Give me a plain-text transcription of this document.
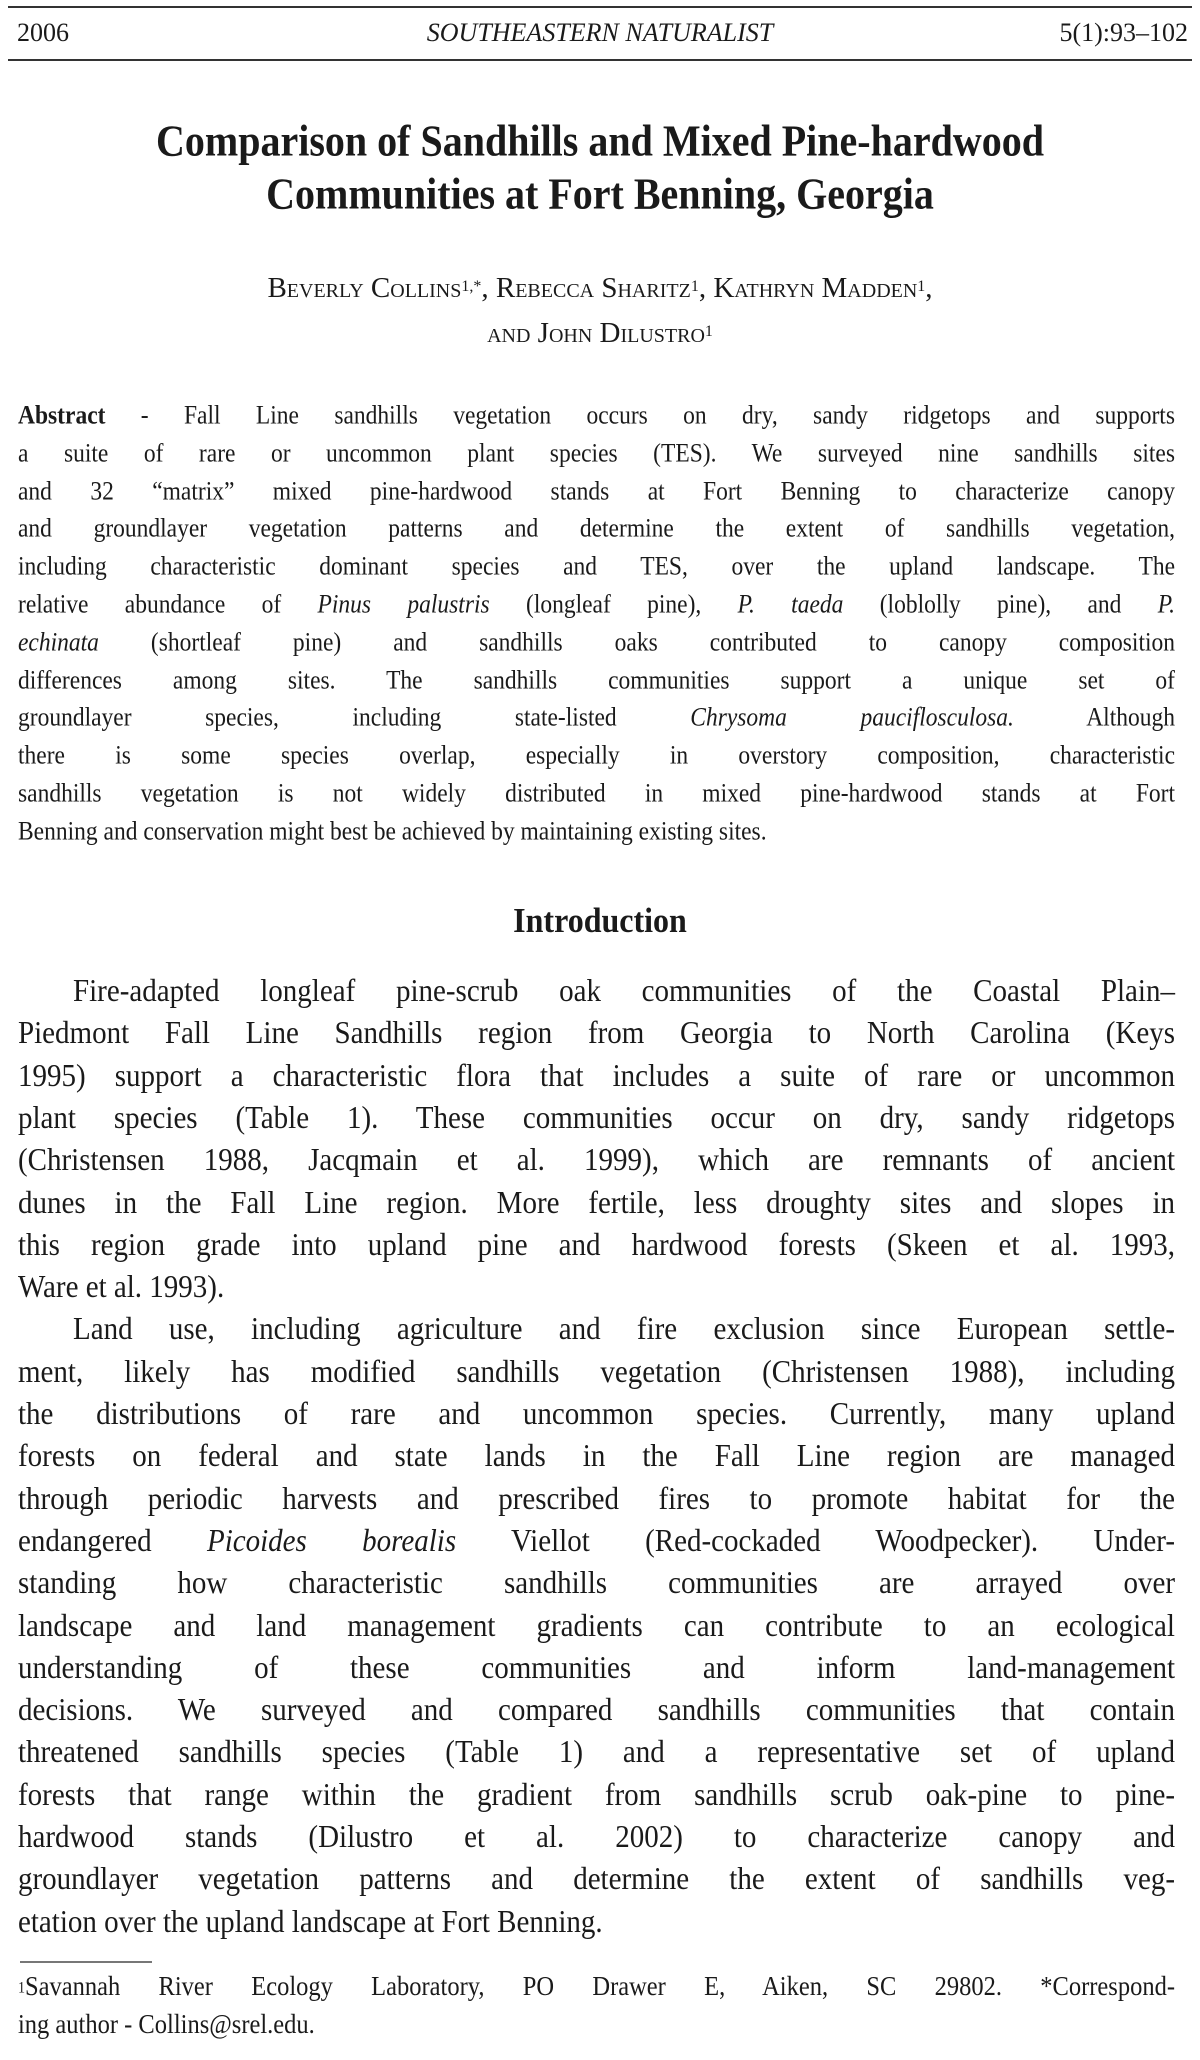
2006	SOUTHEASTERN NATURALIST	5(1):93–102
Comparison of Sandhills and Mixed Pine-hardwood
Communities at Fort Benning, Georgia
Beverly Collins$^{1,*}$, Rebecca Sharitz$^1$, Kathryn Madden$^1$,
and John Dilustro$^1$
Abstract - Fall Line sandhills vegetation occurs on dry, sandy ridgetops and supports
a suite of rare or uncommon plant species (TES). We surveyed nine sandhills sites
and 32 “matrix” mixed pine-hardwood stands at Fort Benning to characterize canopy
and groundlayer vegetation patterns and determine the extent of sandhills vegetation,
including characteristic dominant species and TES, over the upland landscape. The
relative abundance of Pinus palustris (longleaf pine), P. taeda (loblolly pine), and P.
echinata (shortleaf pine) and sandhills oaks contributed to canopy composition
differences among sites. The sandhills communities support a unique set of
groundlayer species, including state-listed Chrysoma pauciflosculosa. Although
there is some species overlap, especially in overstory composition, characteristic
sandhills vegetation is not widely distributed in mixed pine-hardwood stands at Fort
Benning and conservation might best be achieved by maintaining existing sites.
Introduction
Fire-adapted longleaf pine-scrub oak communities of the Coastal Plain–
Piedmont Fall Line Sandhills region from Georgia to North Carolina (Keys
1995) support a characteristic flora that includes a suite of rare or uncommon
plant species (Table 1). These communities occur on dry, sandy ridgetops
(Christensen 1988, Jacqmain et al. 1999), which are remnants of ancient
dunes in the Fall Line region. More fertile, less droughty sites and slopes in
this region grade into upland pine and hardwood forests (Skeen et al. 1993,
Ware et al. 1993).
Land use, including agriculture and fire exclusion since European settle-
ment, likely has modified sandhills vegetation (Christensen 1988), including
the distributions of rare and uncommon species. Currently, many upland
forests on federal and state lands in the Fall Line region are managed
through periodic harvests and prescribed fires to promote habitat for the
endangered Picoides borealis Viellot (Red-cockaded Woodpecker). Under-
standing how characteristic sandhills communities are arrayed over
landscape and land management gradients can contribute to an ecological
understanding of these communities and inform land-management
decisions. We surveyed and compared sandhills communities that contain
threatened sandhills species (Table 1) and a representative set of upland
forests that range within the gradient from sandhills scrub oak-pine to pine-
hardwood stands (Dilustro et al. 2002) to characterize canopy and
groundlayer vegetation patterns and determine the extent of sandhills veg-
etation over the upland landscape at Fort Benning.
$^1$Savannah River Ecology Laboratory, PO Drawer E, Aiken, SC 29802. *Correspond-
ing author - Collins@srel.edu.
